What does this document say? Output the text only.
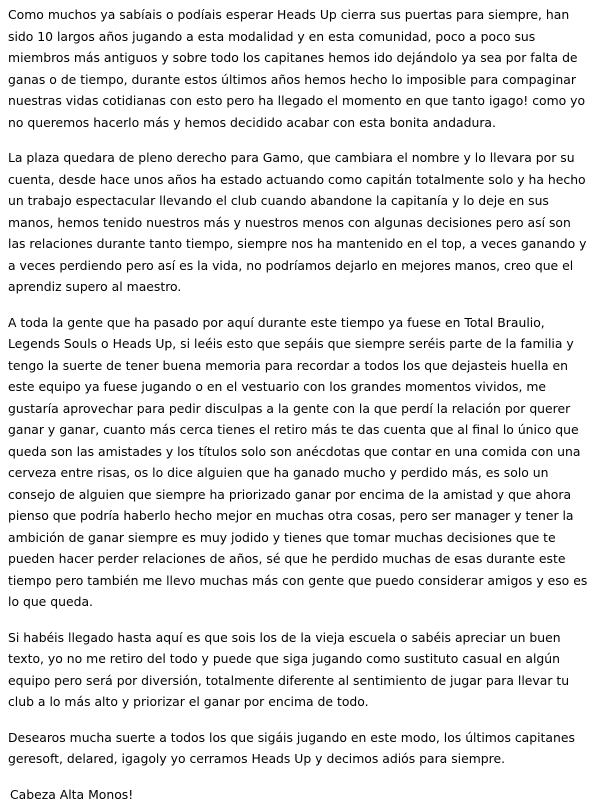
Como muchos ya sabíais o podíais esperar Heads Up cierra sus puertas para siempre, han sido 10 largos años jugando a esta modalidad y en esta comunidad, poco a poco sus miembros más antiguos y sobre todo los capitanes hemos ido dejándolo ya sea por falta de ganas o de tiempo, durante estos últimos años hemos hecho lo imposible para compaginar nuestras vidas cotidianas con esto pero ha llegado el momento en que tanto igago! como yo no queremos hacerlo más y hemos decidido acabar con esta bonita andadura.

La plaza quedara de pleno derecho para Gamo, que cambiara el nombre y lo llevara por su cuenta, desde hace unos años ha estado actuando como capitán totalmente solo y ha hecho un trabajo espectacular llevando el club cuando abandone la capitanía y lo deje en sus manos, hemos tenido nuestros más y nuestros menos con algunas decisiones pero así son las relaciones durante tanto tiempo, siempre nos ha mantenido en el top, a veces ganando y a veces perdiendo pero así es la vida, no podríamos dejarlo en mejores manos, creo que el aprendiz supero al maestro.

A toda la gente que ha pasado por aquí durante este tiempo ya fuese en Total Braulio, Legends Souls o Heads Up, si leéis esto que sepáis que siempre seréis parte de la familia y tengo la suerte de tener buena memoria para recordar a todos los que dejasteis huella en este equipo ya fuese jugando o en el vestuario con los grandes momentos vividos, me gustaría aprovechar para pedir disculpas a la gente con la que perdí la relación por querer ganar y ganar, cuanto más cerca tienes el retiro más te das cuenta que al final lo único que queda son las amistades y los títulos solo son anécdotas que contar en una comida con una cerveza entre risas, os lo dice alguien que ha ganado mucho y perdido más, es solo un consejo de alguien que siempre ha priorizado ganar por encima de la amistad y que ahora pienso que podría haberlo hecho mejor en muchas otra cosas, pero ser manager y tener la ambición de ganar siempre es muy jodido y tienes que tomar muchas decisiones que te pueden hacer perder relaciones de años, sé que he perdido muchas de esas durante este tiempo pero también me llevo muchas más con gente que puedo considerar amigos y eso es lo que queda.

Si habéis llegado hasta aquí es que sois los de la vieja escuela o sabéis apreciar un buen texto, yo no me retiro del todo y puede que siga jugando como sustituto casual en algún equipo pero será por diversión, totalmente diferente al sentimiento de jugar para llevar tu club a lo más alto y priorizar el ganar por encima de todo.

Desearos mucha suerte a todos los que sigáis jugando en este modo, los últimos capitanes geresoft, delared, igagoly yo cerramos Heads Up y decimos adiós para siempre.

Cabeza Alta Monos!
